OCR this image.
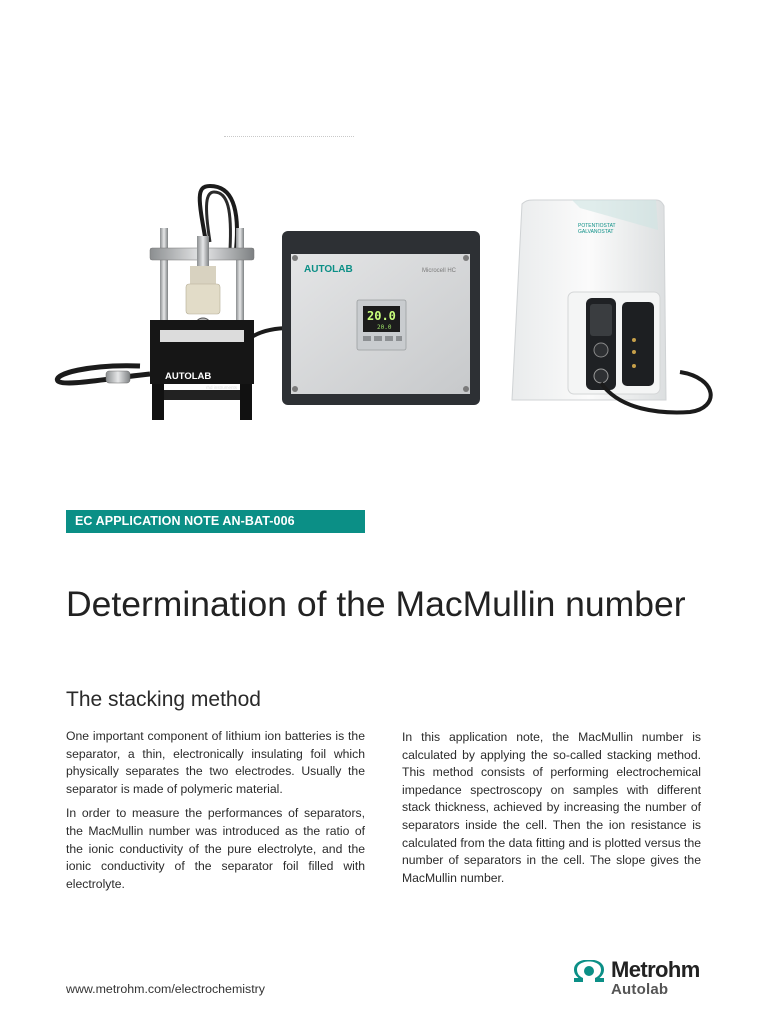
AUTOLAB
rhd instruments
AUTOLAB	Microcell HC
20.0
20.0
POTENTIOSTAT
GALVANOSTAT
EC APPLICATION NOTE AN-BAT-006
Determination of the MacMullin number
The stacking method

One important component of lithium ion batteries is the separator, a thin, electronically insulating foil which physically separates the two electrodes. Usually the separator is made of polymeric material.

In order to measure the performances of separators, the MacMullin number was introduced as the ratio of the ionic conductivity of the pure electrolyte, and the ionic conductivity of the separator foil filled with electrolyte.

In this application note, the MacMullin number is calculated by applying the so-called stacking method. This method consists of performing electrochemical impedance spectroscopy on samples with different stack thickness, achieved by increasing the number of separators inside the cell. Then the ion resistance is calculated from the data fitting and is plotted versus the number of separators in the cell. The slope gives the MacMullin number.

www.metrohm.com/electrochemistry
Metrohm
Autolab
